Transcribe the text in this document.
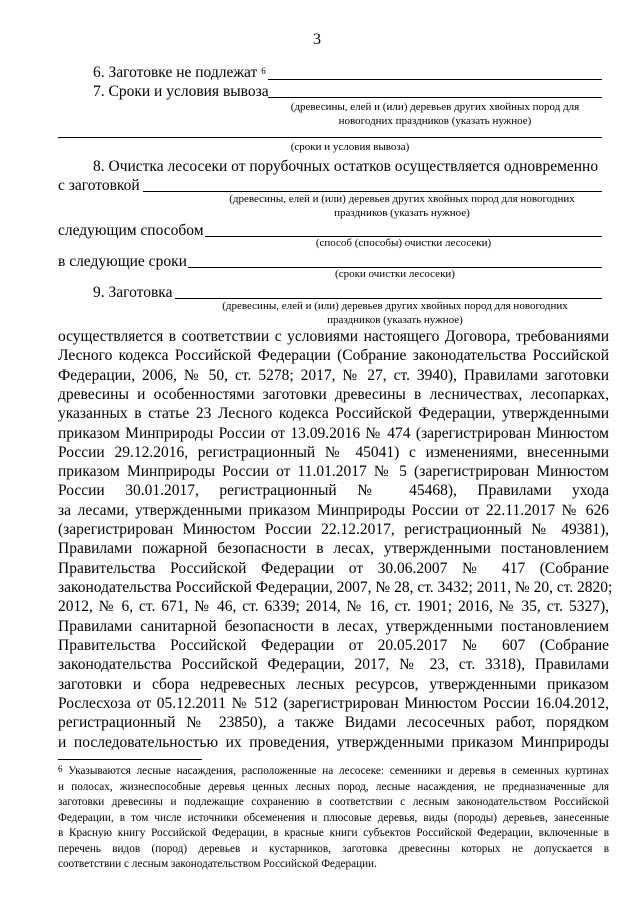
3
6. Заготовке не подлежат $^6$
7. Сроки и условия вывоза
(древесины, елей и (или) деревьев других хвойных пород для
новогодних праздников (указать нужное)
(сроки и условия вывоза)
8. Очистка лесосеки от порубочных остатков осуществляется одновременно
с заготовкой
(древесины, елей и (или) деревьев других хвойных пород для новогодних
праздников (указать нужное)
следующим способом
(способ (способы) очистки лесосеки)
в следующие сроки
(сроки очистки лесосеки)
9. Заготовка
(древесины, елей и (или) деревьев других хвойных пород для новогодних
праздников (указать нужное)
осуществляется в соответствии с условиями настоящего Договора, требованиями
Лесного кодекса Российской Федерации (Собрание законодательства Российской
Федерации, 2006, № 50, ст. 5278; 2017, № 27, ст. 3940), Правилами заготовки
древесины и особенностями заготовки древесины в лесничествах, лесопарках,
указанных в статье 23 Лесного кодекса Российской Федерации, утвержденными
приказом Минприроды России от 13.09.2016 № 474 (зарегистрирован Минюстом
России 29.12.2016, регистрационный № 45041) с изменениями, внесенными
приказом Минприроды России от 11.01.2017 № 5 (зарегистрирован Минюстом
России 30.01.2017, регистрационный № 45468), Правилами ухода
за лесами, утвержденными приказом Минприроды России от 22.11.2017 № 626
(зарегистрирован Минюстом России 22.12.2017, регистрационный № 49381),
Правилами пожарной безопасности в лесах, утвержденными постановлением
Правительства Российской Федерации от 30.06.2007 № 417 (Собрание
законодательства Российской Федерации, 2007, № 28, ст. 3432; 2011, № 20, ст. 2820;
2012, № 6, ст. 671, № 46, ст. 6339; 2014, № 16, ст. 1901; 2016, № 35, ст. 5327),
Правилами санитарной безопасности в лесах, утвержденными постановлением
Правительства Российской Федерации от 20.05.2017 № 607 (Собрание
законодательства Российской Федерации, 2017, № 23, ст. 3318), Правилами
заготовки и сбора недревесных лесных ресурсов, утвержденными приказом
Рослесхоза от 05.12.2011 № 512 (зарегистрирован Минюстом России 16.04.2012,
регистрационный № 23850), а также Видами лесосечных работ, порядком
и последовательностью их проведения, утвержденными приказом Минприроды
$^6$ Указываются лесные насаждения, расположенные на лесосеке: семенники и деревья в семенных куртинах
и полосах, жизнеспособные деревья ценных лесных пород, лесные насаждения, не предназначенные для
заготовки древесины и подлежащие сохранению в соответствии с лесным законодательством Российской
Федерации, в том числе источники обсеменения и плюсовые деревья, виды (породы) деревьев, занесенные
в Красную книгу Российской Федерации, в красные книги субъектов Российской Федерации, включенные в
перечень видов (пород) деревьев и кустарников, заготовка древесины которых не допускается в
соответствии с лесным законодательством Российской Федерации.
